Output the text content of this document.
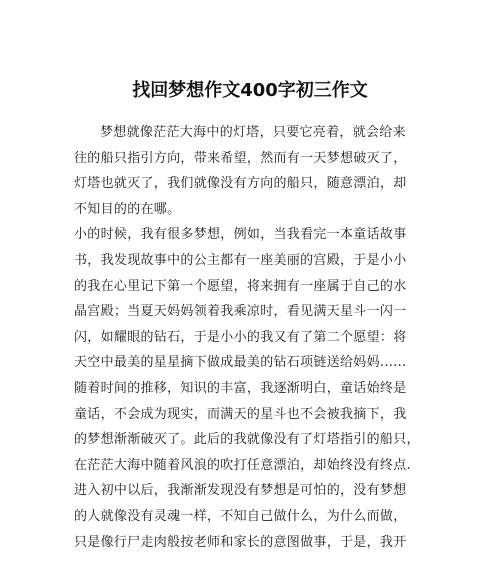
找回梦想作文400字初三作文
梦想就像茫茫大海中的灯塔，只要它亮着，就会给来
往的船只指引方向，带来希望，然而有一天梦想破灭了，
灯塔也就灭了，我们就像没有方向的船只，随意漂泊，却
不知目的的在哪。
小的时候，我有很多梦想，例如，当我看完一本童话故事
书，我发现故事中的公主都有一座美丽的宫殿，于是小小
的我在心里记下第一个愿望，将来拥有一座属于自己的水
晶宫殿；当夏天妈妈领着我乘凉时，看见满天星斗一闪一
闪，如耀眼的钻石，于是小小的我又有了第二个愿望：将
天空中最美的星星摘下做成最美的钻石项链送给妈妈......
随着时间的推移，知识的丰富，我逐渐明白，童话始终是
童话，不会成为现实，而满天的星斗也不会被我摘下，我
的梦想渐渐破灭了。此后的我就像没有了灯塔指引的船只，
在茫茫大海中随着风浪的吹打任意漂泊，却始终没有终点.
进入初中以后，我渐渐发现没有梦想是可怕的，没有梦想
的人就像没有灵魂一样，不知自己做什么，为什么而做，
只是像行尸走肉般按老师和家长的意图做事，于是，我开
